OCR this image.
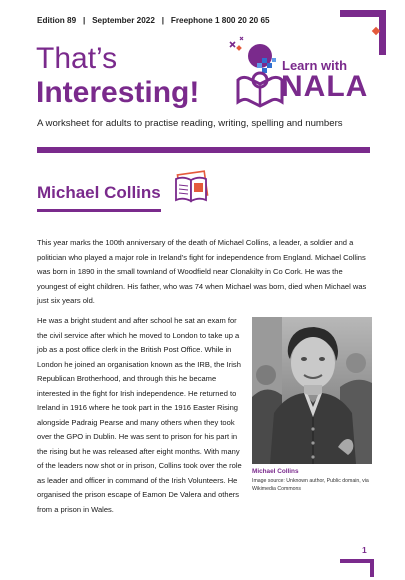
Edition 89 | September 2022 | Freephone 1 800 20 20 65
That’s
Interesting!
Learn with
NALA
A worksheet for adults to practise reading, writing, spelling and numbers
Michael Collins

This year marks the 100th anniversary of the death of Michael Collins, a leader, a soldier and a politician who played a major role in Ireland’s fight for independence from England. Michael Collins was born in 1890 in the small townland of Woodfield near Clonakilty in Co Cork. He was the youngest of eight children. His father, who was 74 when Michael was born, died when Michael was just six years old.

He was a bright student and after school he sat an exam for the civil service after which he moved to London to take up a job as a post office clerk in the British Post Office. While in London he joined an organisation known as the IRB, the Irish Republican Brotherhood, and through this he became interested in the fight for Irish independence. He returned to Ireland in 1916 where he took part in the 1916 Easter Rising alongside Padraig Pearse and many others when they took over the GPO in Dublin. He was sent to prison for his part in the rising but he was released after eight months. With many of the leaders now shot or in prison, Collins took over the role as leader and officer in command of the Irish Volunteers. He organised the prison escape of Eamon De Valera and others from a prison in Wales.

Michael Collins
Image source: Unknown author, Public domain, via Wikimedia Commons
1
